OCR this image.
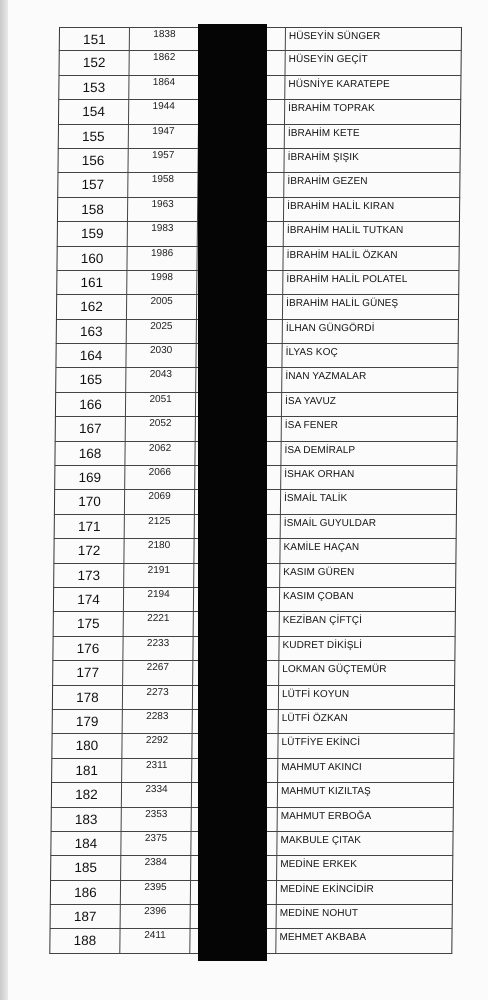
151	1838	HÜSEYİN SÜNGER
152	1862	HÜSEYİN GEÇİT
153	1864	HÜSNİYE KARATEPE
154	1944	İBRAHİM TOPRAK
155	1947	İBRAHİM KETE
156	1957	İBRAHİM ŞIŞIK
157	1958	İBRAHİM GEZEN
158	1963	İBRAHİM HALİL KIRAN
159	1983	İBRAHİM HALİL TUTKAN
160	1986	İBRAHİM HALİL ÖZKAN
161	1998	İBRAHİM HALİL POLATEL
162	2005	İBRAHİM HALİL GÜNEŞ
163	2025	İLHAN GÜNGÖRDİ
164	2030	İLYAS KOÇ
165	2043	İNAN YAZMALAR
166	2051	İSA YAVUZ
167	2052	İSA FENER
168	2062	İSA DEMİRALP
169	2066	İSHAK ORHAN
170	2069	İSMAİL TALİK
171	2125	İSMAİL GUYULDAR
172	2180	KAMİLE HAÇAN
173	2191	KASIM GÜREN
174	2194	KASIM ÇOBAN
175	2221	KEZİBAN ÇİFTÇİ
176	2233	KUDRET DİKİŞLİ
177	2267	LOKMAN GÜÇTEMÜR
178	2273	LÜTFİ KOYUN
179	2283	LÜTFİ ÖZKAN
180	2292	LÜTFİYE EKİNCİ
181	2311	MAHMUT AKINCI
182	2334	MAHMUT KIZILTAŞ
183	2353	MAHMUT ERBOĞA
184	2375	MAKBULE ÇITAK
185	2384	MEDİNE ERKEK
186	2395	MEDİNE EKİNCİDİR
187	2396	MEDİNE NOHUT
188	2411	MEHMET AKBABA
